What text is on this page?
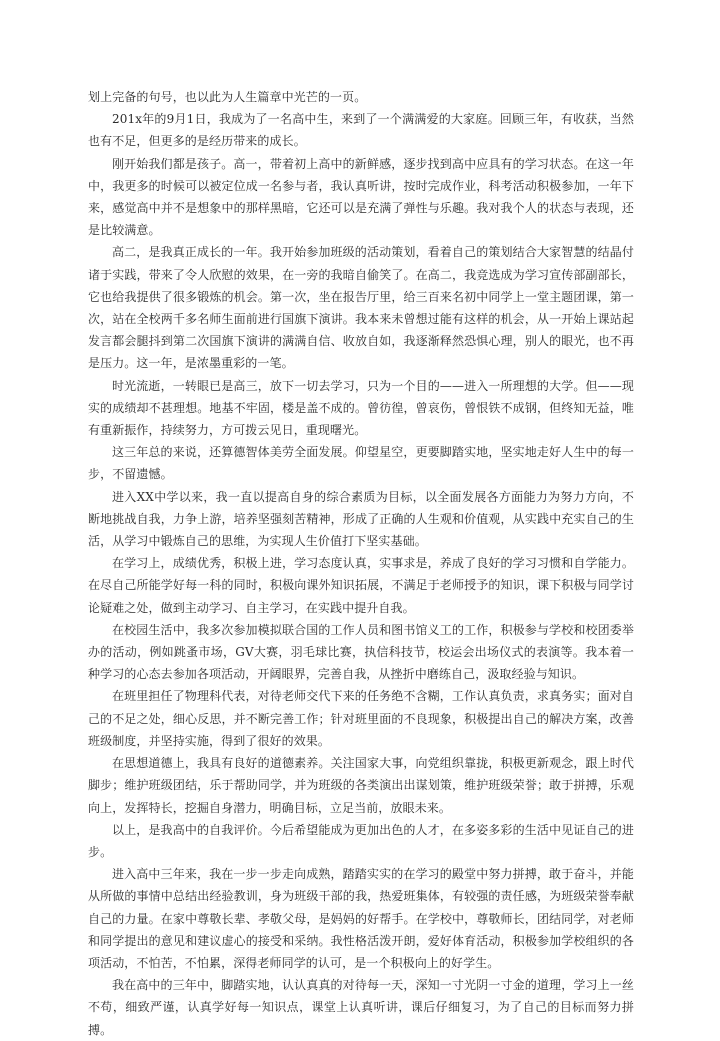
划上完备的句号，也以此为人生篇章中光芒的一页。

201x年的9月1日，我成为了一名高中生，来到了一个满满爱的大家庭。回顾三年，有收获，当然也有不足，但更多的是经历带来的成长。

刚开始我们都是孩子。高一，带着初上高中的新鲜感，逐步找到高中应具有的学习状态。在这一年中，我更多的时候可以被定位成一名参与者，我认真听讲，按时完成作业，科考活动积极参加，一年下来，感觉高中并不是想象中的那样黑暗，它还可以是充满了弹性与乐趣。我对我个人的状态与表现，还是比较满意。

高二，是我真正成长的一年。我开始参加班级的活动策划，看着自己的策划结合大家智慧的结晶付诸于实践，带来了令人欣慰的效果，在一旁的我暗自偷笑了。在高二，我竞选成为学习宣传部副部长，它也给我提供了很多锻炼的机会。第一次，坐在报告厅里，给三百来名初中同学上一堂主题团课，第一次，站在全校两千多名师生面前进行国旗下演讲。我本来未曾想过能有这样的机会，从一开始上课站起发言都会腿抖到第二次国旗下演讲的满满自信、收放自如，我逐渐释然恐惧心理，别人的眼光，也不再是压力。这一年，是浓墨重彩的一笔。

时光流逝，一转眼已是高三，放下一切去学习，只为一个目的——进入一所理想的大学。但——现实的成绩却不甚理想。地基不牢固，楼是盖不成的。曾彷徨，曾哀伤，曾恨铁不成钢，但终知无益，唯有重新振作，持续努力，方可拨云见日，重现曙光。

这三年总的来说，还算德智体美劳全面发展。仰望星空，更要脚踏实地，坚实地走好人生中的每一步，不留遗憾。

进入XX中学以来，我一直以提高自身的综合素质为目标，以全面发展各方面能力为努力方向，不断地挑战自我，力争上游，培养坚强刻苦精神，形成了正确的人生观和价值观，从实践中充实自己的生活，从学习中锻炼自己的思维，为实现人生价值打下坚实基础。

在学习上，成绩优秀，积极上进，学习态度认真，实事求是，养成了良好的学习习惯和自学能力。在尽自己所能学好每一科的同时，积极向课外知识拓展，不满足于老师授予的知识，课下积极与同学讨论疑难之处，做到主动学习、自主学习，在实践中提升自我。

在校园生活中，我多次参加模拟联合国的工作人员和图书馆义工的工作，积极参与学校和校团委举办的活动，例如跳蚤市场，GV大赛，羽毛球比赛，执信科技节，校运会出场仪式的表演等。我本着一种学习的心态去参加各项活动，开阔眼界，完善自我，从挫折中磨练自己，汲取经验与知识。

在班里担任了物理科代表，对待老师交代下来的任务绝不含糊，工作认真负责，求真务实；面对自己的不足之处，细心反思，并不断完善工作；针对班里面的不良现象，积极提出自己的解决方案，改善班级制度，并坚持实施，得到了很好的效果。

在思想道德上，我具有良好的道德素养。关注国家大事，向党组织靠拢，积极更新观念，跟上时代脚步；维护班级团结，乐于帮助同学，并为班级的各类演出出谋划策，维护班级荣誉；敢于拼搏，乐观向上，发挥特长，挖掘自身潜力，明确目标，立足当前，放眼未来。

以上，是我高中的自我评价。今后希望能成为更加出色的人才，在多姿多彩的生活中见证自己的进步。

进入高中三年来，我在一步一步走向成熟，踏踏实实的在学习的殿堂中努力拼搏，敢于奋斗，并能从所做的事情中总结出经验教训，身为班级干部的我，热爱班集体，有较强的责任感，为班级荣誉奉献自己的力量。在家中尊敬长辈、孝敬父母，是妈妈的好帮手。在学校中，尊敬师长，团结同学，对老师和同学提出的意见和建议虚心的接受和采纳。我性格活泼开朗，爱好体育活动，积极参加学校组织的各项活动，不怕苦，不怕累，深得老师同学的认可，是一个积极向上的好学生。

我在高中的三年中，脚踏实地，认认真真的对待每一天，深知一寸光阴一寸金的道理，学习上一丝不苟，细致严谨，认真学好每一知识点，课堂上认真听讲，课后仔细复习，为了自己的目标而努力拼搏。
